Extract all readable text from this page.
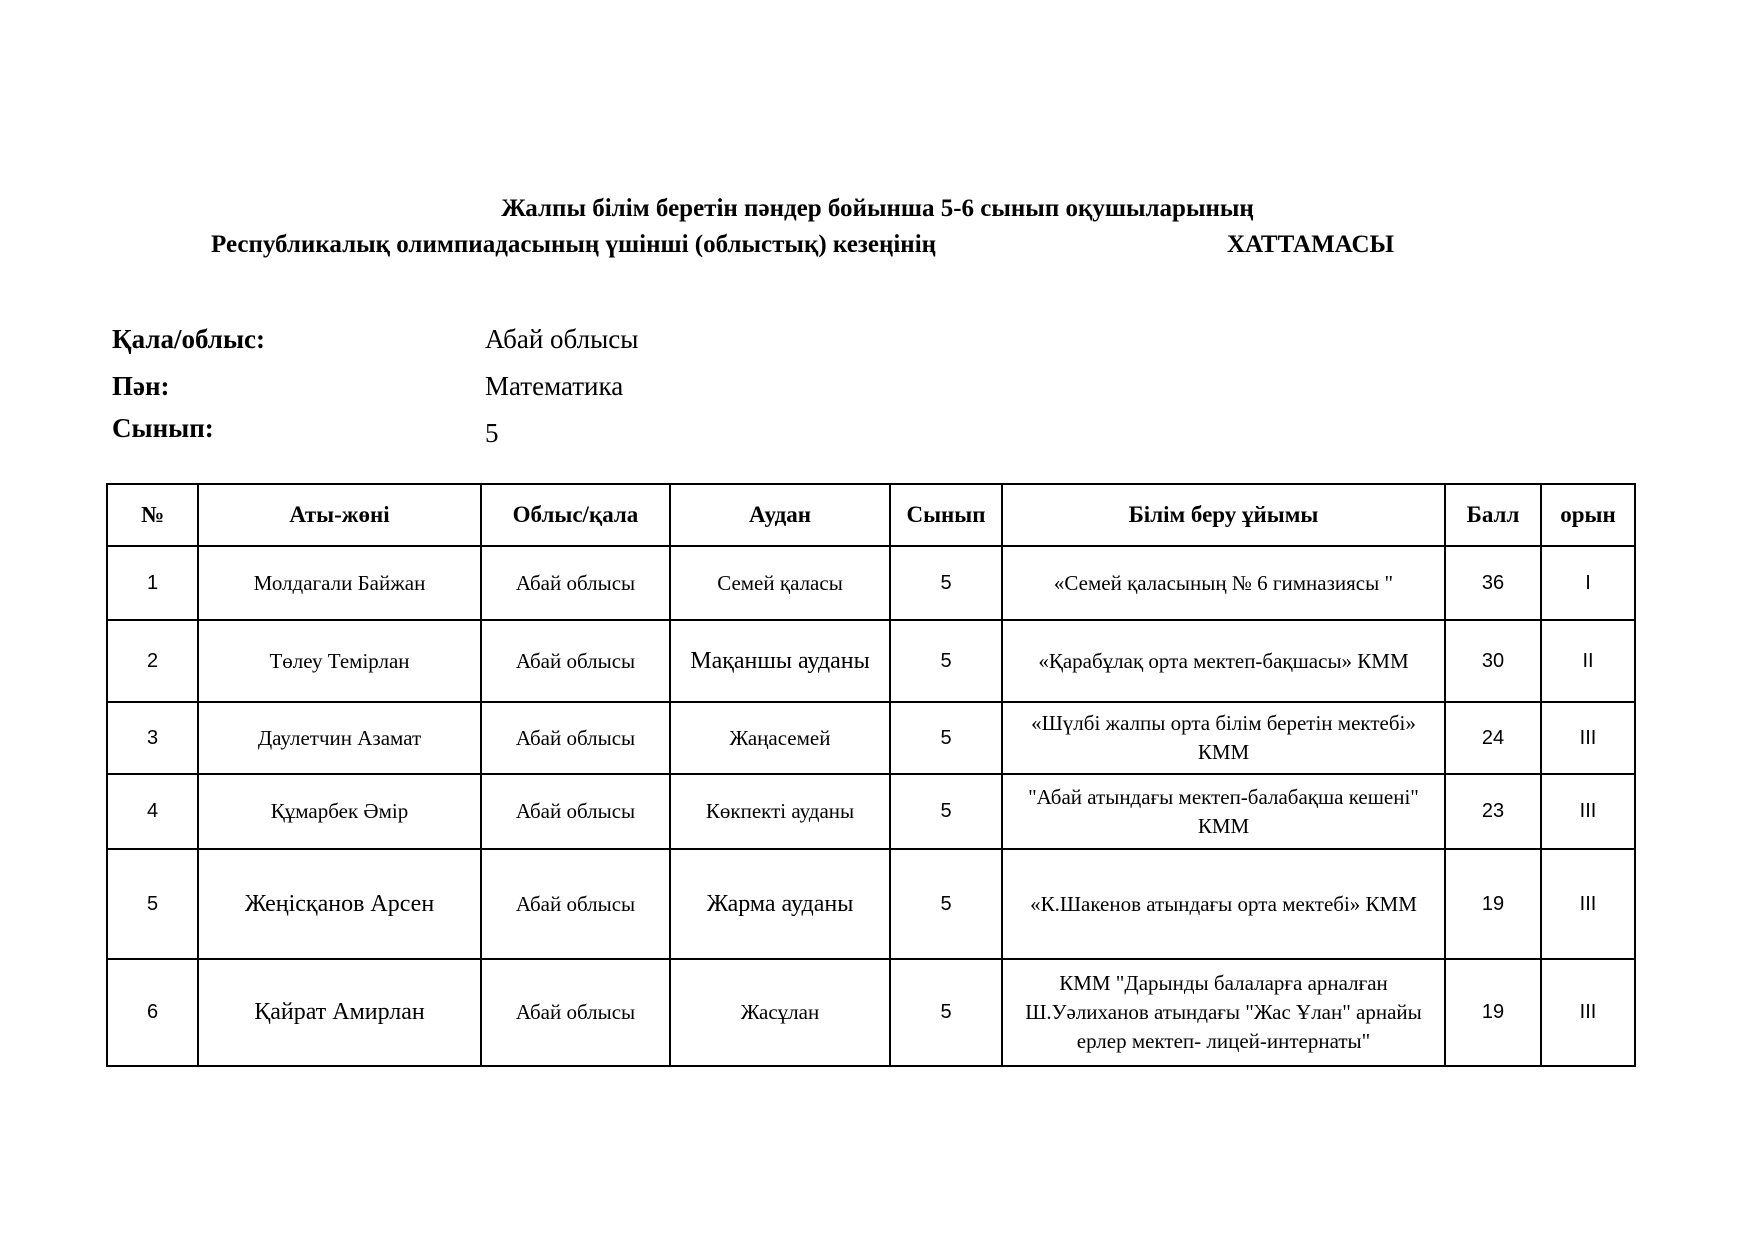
Жалпы білім беретін пәндер бойынша 5-6 сынып оқушыларының
Республикалық олимпиадасының үшінші (облыстық) кезеңінің	ХАТТАМАСЫ
Қала/облыс:	Абай облысы
Пән:	Математика
Сынып:	5
№	Аты-жөні	Облыс/қала	Аудан	Сынып	Білім беру ұйымы	Балл	орын
1	Молдагали Байжан	Абай облысы	Семей қаласы	5	«Семей қаласының № 6 гимназиясы "	36	I
2	Төлеу Темірлан	Абай облысы	Мақаншы ауданы	5	«Қарабұлақ орта мектеп-бақшасы» КММ	30	II
3	Даулетчин Азамат	Абай облысы	Жаңасемей	5	«Шүлбі жалпы орта білім беретін мектебі» КММ	24	III
4	Құмарбек Әмір	Абай облысы	Көкпекті ауданы	5	"Абай атындағы мектеп-балабақша кешені" КММ	23	III
5	Жеңісқанов Арсен	Абай облысы	Жарма ауданы	5	«К.Шакенов атындағы орта мектебі» КММ	19	III
6	Қайрат Амирлан	Абай облысы	Жасұлан	5	КММ "Дарынды балаларға арналған Ш.Уәлиханов атындағы "Жас Ұлан" арнайы ерлер мектеп- лицей-интернаты"	19	III
